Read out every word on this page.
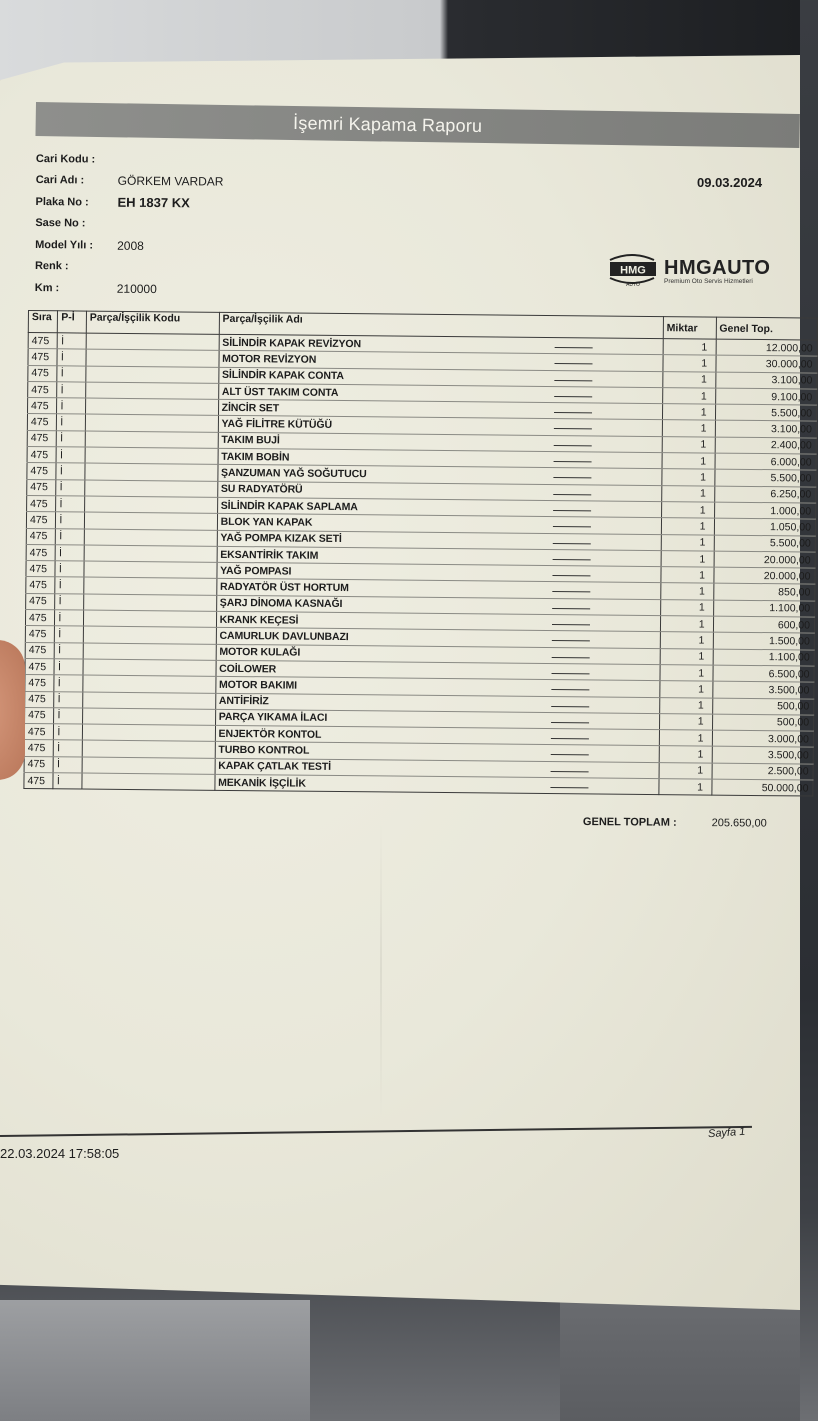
İşemri Kapama Raporu
Cari Kodu :
Cari Adı :	GÖRKEM VARDAR
Plaka No :	EH 1837 KX
Sase No :
Model Yılı :	2008
Renk :
Km :	210000
09.03.2024
HMG
AUTO
HMGAUTO
Premium Oto Servis Hizmetleri
Sıra	P-İ	Parça/İşçilik Kodu	Parça/İşçilik Adı	Miktar	Genel Top.
475	İ		SİLİNDİR KAPAK REVİZYON	1	12.000,00
475	İ		MOTOR REVİZYON	1	30.000,00
475	İ		SİLİNDİR KAPAK CONTA	1	3.100,00
475	İ		ALT ÜST TAKIM CONTA	1	9.100,00
475	İ		ZİNCİR SET	1	5.500,00
475	İ		YAĞ FİLİTRE KÜTÜĞÜ	1	3.100,00
475	İ		TAKIM BUJİ	1	2.400,00
475	İ		TAKIM BOBİN	1	6.000,00
475	İ		ŞANZUMAN YAĞ SOĞUTUCU	1	5.500,00
475	İ		SU RADYATÖRÜ	1	6.250,00
475	İ		SİLİNDİR KAPAK SAPLAMA	1	1.000,00
475	İ		BLOK YAN KAPAK	1	1.050,00
475	İ		YAĞ POMPA KIZAK SETİ	1	5.500,00
475	İ		EKSANTİRİK TAKIM	1	20.000,00
475	İ		YAĞ POMPASI	1	20.000,00
475	İ		RADYATÖR ÜST HORTUM	1	850,00
475	İ		ŞARJ DİNOMA KASNAĞI	1	1.100,00
475	İ		KRANK KEÇESİ	1	600,00
475	İ		CAMURLUK DAVLUNBAZI	1	1.500,00
475	İ		MOTOR KULAĞI	1	1.100,00
475	İ		COİLOWER	1	6.500,00
475	İ		MOTOR BAKIMI	1	3.500,00
475	İ		ANTİFİRİZ	1	500,00
475	İ		PARÇA YIKAMA İLACI	1	500,00
475	İ		ENJEKTÖR KONTOL	1	3.000,00
475	İ		TURBO KONTROL	1	3.500,00
475	İ		KAPAK ÇATLAK TESTİ	1	2.500,00
475	İ		MEKANİK İŞÇİLİK	1	50.000,00
GENEL TOPLAM :	205.650,00
22.03.2024 17:58:05
Sayfa 1
